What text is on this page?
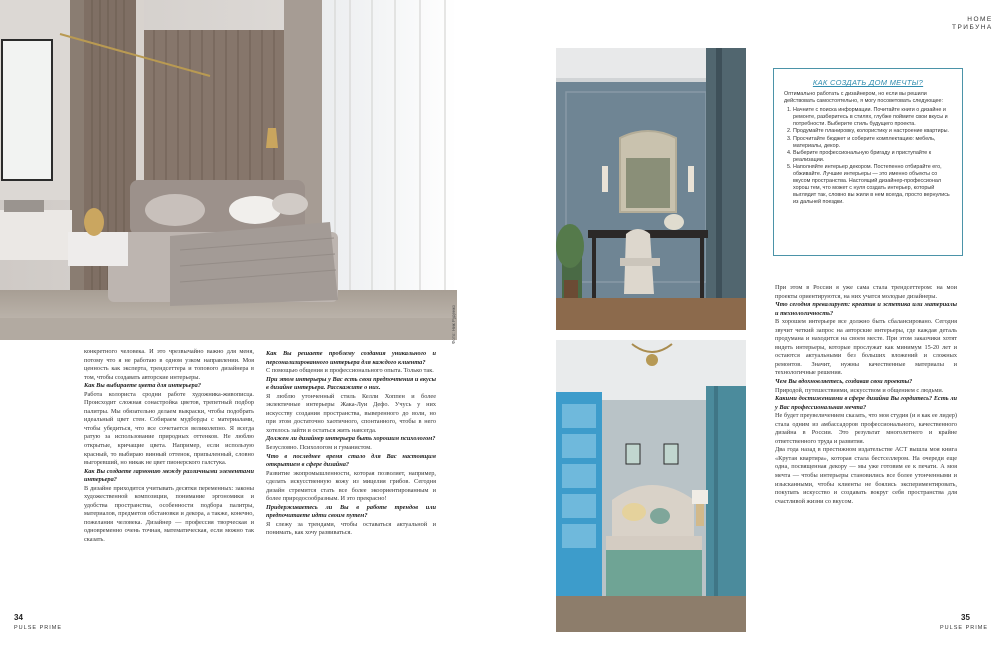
HOME
ТРИБУНА
Фото: Ник Руденко
КАК СОЗДАТЬ ДОМ МЕЧТЫ?
Оптимально работать с дизайнером, но если вы решили действовать самостоятельно, я могу посоветовать следующее:
1. Начните с поиска информации. Почитайте книги о дизайне и ремонте, разберитесь в стилях, глубже поймите свои вкусы и потребности. Выберите стиль будущего проекта.
2. Продумайте планировку, колористику и настроение квартиры.
3. Просчитайте бюджет и соберите комплектацию: мебель, материалы, декор.
4. Выберите профессиональную бригаду и приступайте к реализации.
5. Наполняйте интерьер декором. Постепенно отбирайте его, обживайте. Лучшие интерьеры — это именно объекты со вкусом пространства. Настоящий дизайнер-профессионал хорош тем, что может с нуля создать интерьер, который выглядит так, словно вы жили в нем всегда, просто вернулись из дальней поездки.

конкретного человека. И это чрезвычайно важно для меня, потому что я не работаю в одном узком направлении. Моя ценность как эксперта, трендсеттера и топового дизайнера в том, чтобы создавать авторские интерьеры.

Как Вы выбираете цвета для интерьера?

Работа колориста сродни работе художника-живописца. Происходит сложная сонастройка цветов, трепетный подбор палитры. Мы обязательно делаем выкраски, чтобы подобрать идеальный цвет стен. Собираем мудборды с материалами, чтобы убедиться, что все сочетается великолепно. Я всегда ратую за использование природных оттенков. Не люблю открытые, кричащие цвета. Например, если использую красный, то выбираю винный оттенок, припыленный, словно выгоревший, но никак не цвет пионерского галстука.

Как Вы создаете гармонию между различными элементами интерьера?

В дизайне приходится учитывать десятки переменных: законы художественной композиции, понимание эргономики и удобства пространства, особенности подбора палитры, материалов, предметов обстановки и декора, а также, конечно, пожелания человека. Дизайнер — профессия творческая и одновременно очень точная, математическая, если можно так сказать.

Как Вы решаете проблему создания уникального и персонализированного интерьера для каждого клиента?

С помощью общения и профессионального опыта. Только так.

При этом интерьеры у Вас есть свои предпочтения и вкусы в дизайне интерьера. Расскажите о них.

Я люблю утонченный стиль Келли Хоппен и более эклектичные интерьеры Жака-Луи Дефо. Учусь у них искусству создания пространства, выверенного до воли, но при этом достаточно хаотичного, спонтанного, чтобы в него хотелось зайти и остаться жить навсегда.

Должен ли дизайнер интерьера быть хорошим психологом?

Безусловно. Психологом и гуманистом.

Что в последнее время стало для Вас настоящим открытием в сфере дизайна?

Развитие экопромышленности, которая позволяет, например, сделать искусственную кожу из мицелия грибов. Сегодня дизайн стремится стать все более экоориентированным и более природосообразным. И это прекрасно!

Придерживаетесь ли Вы в работе трендов или предпочитаете идти своим путем?

Я слежу за трендами, чтобы оставаться актуальной и понимать, как хочу развиваться.

При этом в России я уже сама стала трендсеттером: на мои проекты ориентируются, на них учатся молодые дизайнеры.

Что сегодня превалирует: креатив и эстетика или материалы и технологичность?

В хорошем интерьере все должно быть сбалансировано. Сегодня звучит четкий запрос на авторские интерьеры, где каждая деталь продумана и находится на своем месте. При этом заказчики хотят видеть интерьеры, которые прослужат как минимум 15-20 лет и остаются актуальными без больших вложений и сложных ремонтов. Значит, нужны качественные материалы и технологичные решения.

Чем Вы вдохновляетесь, создавая свои проекты?

Природой, путешествиями, искусством и общением с людьми.

Какими достижениями в сфере дизайна Вы гордитесь? Есть ли у Вас профессиональная мечта?

Не будет преувеличением сказать, что моя студия (и я как ее лидер) стала одним из амбассадоров профессионального, качественного дизайна в России. Это результат многолетнего и крайне ответственного труда и развития.

Два года назад в престижном издательстве АСТ вышла моя книга «Крутая квартира», которая стала бестселлером. На очереди еще одна, посвященная декору — мы уже готовим ее к печати. А моя мечта — чтобы интерьеры становились все более утонченными и изысканными, чтобы клиенты не боялись экспериментировать, покупать искусство и создавать вокруг себя пространства для счастливой жизни со вкусом.

34
PULSE PRIME
35
PULSE PRIME
